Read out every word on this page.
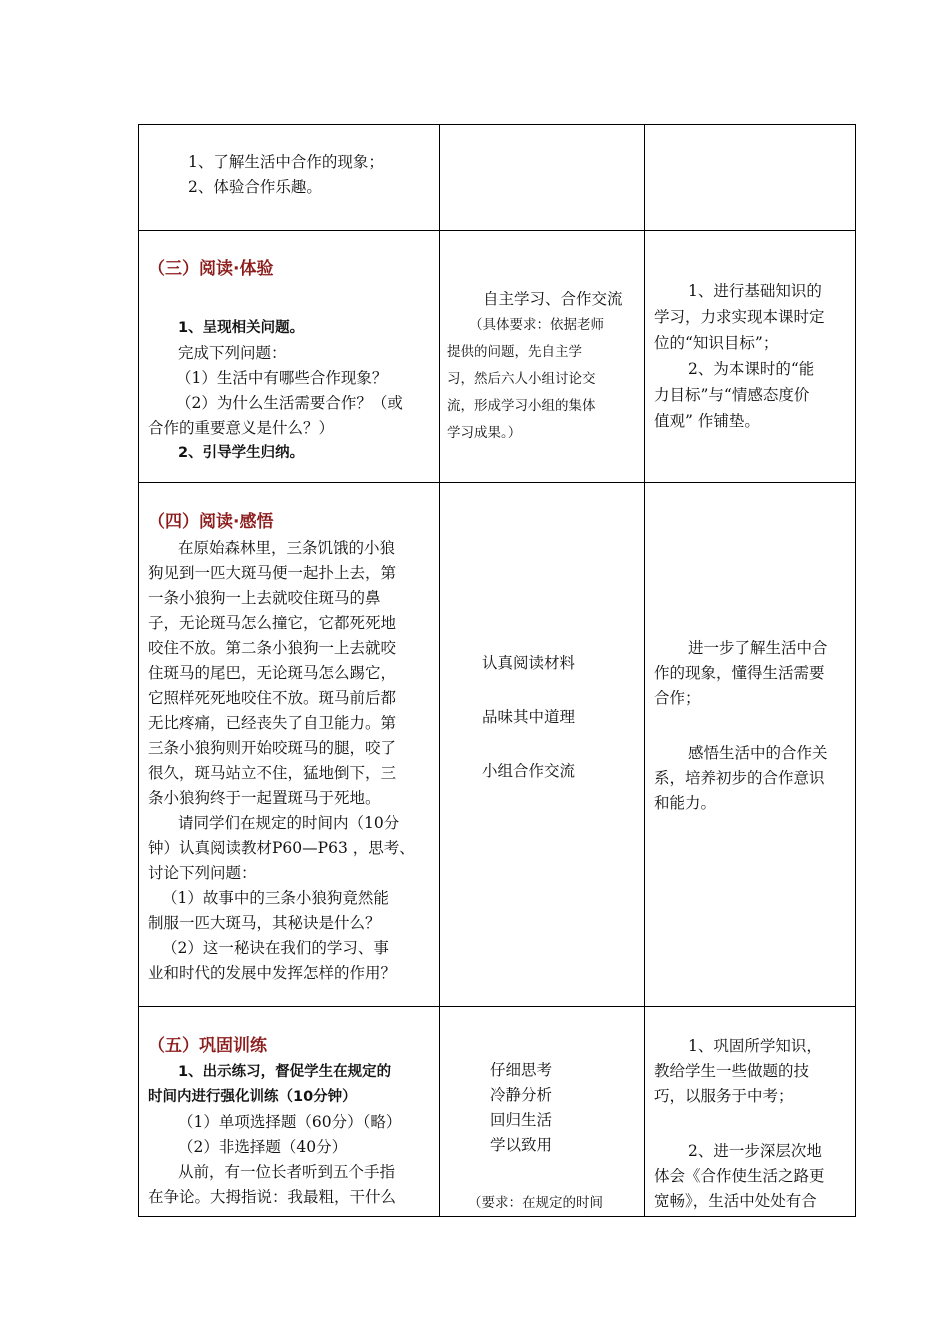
1、了解生活中合作的现象；
2、体验合作乐趣。
（三）阅读·体验
1、呈现相关问题。
完成下列问题：
（1）生活中有哪些合作现象？
（2）为什么生活需要合作？（或
合作的重要意义是什么？）
2、引导学生归纳。
自主学习、合作交流
（具体要求：依据老师
提供的问题，先自主学
习，然后六人小组讨论交
流，形成学习小组的集体
学习成果。）
1、进行基础知识的
学习，力求实现本课时定
位的“知识目标”；
2、为本课时的“能
力目标”与“情感态度价
值观” 作铺垫。
（四）阅读·感悟
在原始森林里，三条饥饿的小狼
狗见到一匹大斑马便一起扑上去，第
一条小狼狗一上去就咬住斑马的鼻
子，无论斑马怎么撞它，它都死死地
咬住不放。第二条小狼狗一上去就咬
住斑马的尾巴，无论斑马怎么踢它，
它照样死死地咬住不放。斑马前后都
无比疼痛，已经丧失了自卫能力。第
三条小狼狗则开始咬斑马的腿，咬了
很久，斑马站立不住，猛地倒下，三
条小狼狗终于一起置斑马于死地。
请同学们在规定的时间内（10分
钟）认真阅读教材P60—P63 ，思考、
讨论下列问题：
（1）故事中的三条小狼狗竟然能
制服一匹大斑马，其秘诀是什么？
（2）这一秘诀在我们的学习、事
业和时代的发展中发挥怎样的作用？
认真阅读材料
品味其中道理
小组合作交流
进一步了解生活中合
作的现象，懂得生活需要
合作；
感悟生活中的合作关
系，培养初步的合作意识
和能力。
（五）巩固训练
1、出示练习，督促学生在规定的
时间内进行强化训练（10分钟）
（1）单项选择题（60分）（略）
（2）非选择题（40分）
从前，有一位长者听到五个手指
在争论。大拇指说：我最粗，干什么
仔细思考
冷静分析
回归生活
学以致用
（要求：在规定的时间
1、巩固所学知识，
教给学生一些做题的技
巧，以服务于中考；
2、进一步深层次地
体会《合作使生活之路更
宽畅》，生活中处处有合
